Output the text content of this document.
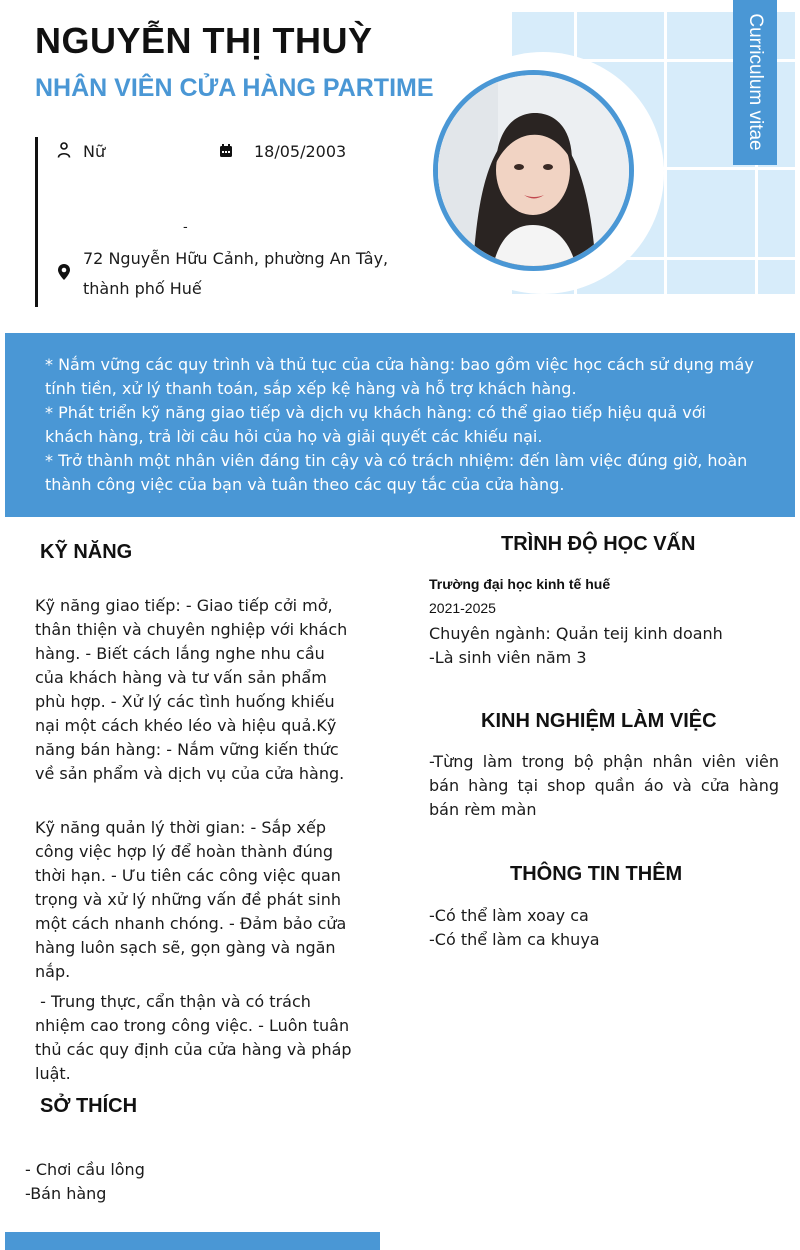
Curriculum vitae
NGUYỄN THỊ THUỲ
NHÂN VIÊN CỬA HÀNG PARTIME
Nữ	18/05/2003
-
72 Nguyễn Hữu Cảnh, phường An Tây, thành phố Huế

* Nắm vững các quy trình và thủ tục của cửa hàng: bao gồm việc học cách sử dụng máy tính tiền, xử lý thanh toán, sắp xếp kệ hàng và hỗ trợ khách hàng.
* Phát triển kỹ năng giao tiếp và dịch vụ khách hàng: có thể giao tiếp hiệu quả với khách hàng, trả lời câu hỏi của họ và giải quyết các khiếu nại.
* Trở thành một nhân viên đáng tin cậy và có trách nhiệm: đến làm việc đúng giờ, hoàn thành công việc của bạn và tuân theo các quy tắc của cửa hàng.

KỸ NĂNG

Kỹ năng giao tiếp: - Giao tiếp cởi mở, thân thiện và chuyên nghiệp với khách hàng. - Biết cách lắng nghe nhu cầu của khách hàng và tư vấn sản phẩm phù hợp. - Xử lý các tình huống khiếu nại một cách khéo léo và hiệu quả.Kỹ năng bán hàng: - Nắm vững kiến thức về sản phẩm và dịch vụ của cửa hàng.

Kỹ năng quản lý thời gian: - Sắp xếp công việc hợp lý để hoàn thành đúng thời hạn. - Ưu tiên các công việc quan trọng và xử lý những vấn đề phát sinh một cách nhanh chóng. - Đảm bảo cửa hàng luôn sạch sẽ, gọn gàng và ngăn nắp.

- Trung thực, cẩn thận và có trách nhiệm cao trong công việc. - Luôn tuân thủ các quy định của cửa hàng và pháp luật.

SỞ THÍCH
- Chơi cầu lông
-Bán hàng
TRÌNH ĐỘ HỌC VẤN
Trường đại học kinh tế huế
2021-2025
Chuyên ngành: Quản teij kinh doanh
-Là sinh viên năm 3
KINH NGHIỆM LÀM VIỆC

-Từng làm trong bộ phận nhân viên viên bán hàng tại shop quần áo và cửa hàng bán rèm màn

THÔNG TIN THÊM
-Có thể làm xoay ca
-Có thể làm ca khuya
